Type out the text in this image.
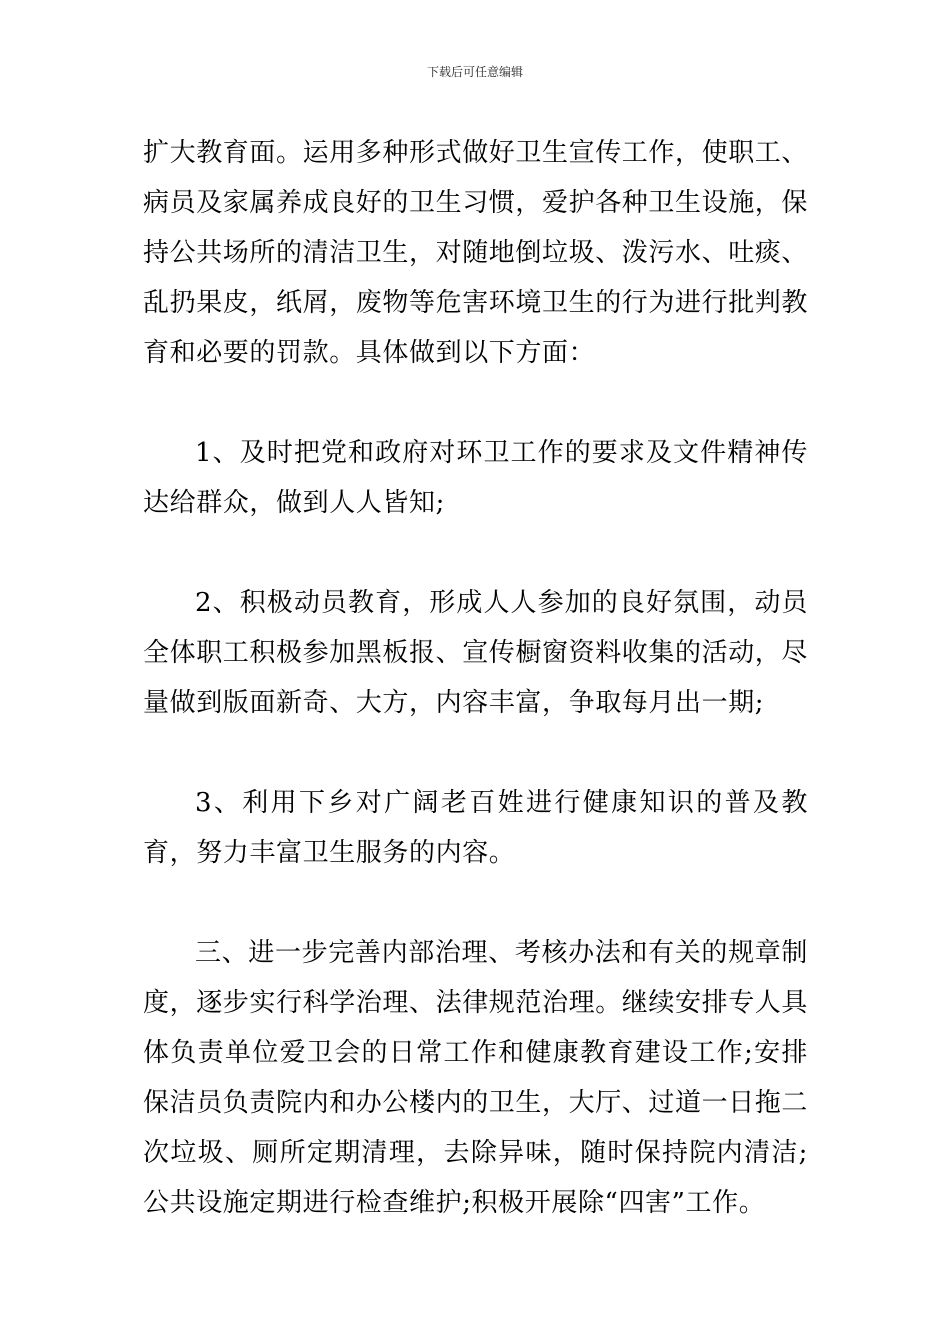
下载后可任意编辑

扩大教育面。运用多种形式做好卫生宣传工作，使职工、病员及家属养成良好的卫生习惯，爱护各种卫生设施，保持公共场所的清洁卫生，对随地倒垃圾、泼污水、吐痰、乱扔果皮，纸屑，废物等危害环境卫生的行为进行批判教育和必要的罚款。具体做到以下方面：

1、及时把党和政府对环卫工作的要求及文件精神传达给群众，做到人人皆知;

2、积极动员教育，形成人人参加的良好氛围，动员全体职工积极参加黑板报、宣传橱窗资料收集的活动，尽量做到版面新奇、大方，内容丰富，争取每月出一期;

3、利用下乡对广阔老百姓进行健康知识的普及教育，努力丰富卫生服务的内容。

三、进一步完善内部治理、考核办法和有关的规章制度，逐步实行科学治理、法律规范治理。继续安排专人具体负责单位爱卫会的日常工作和健康教育建设工作;安排保洁员负责院内和办公楼内的卫生，大厅、过道一日拖二次垃圾、厕所定期清理，去除异味，随时保持院内清洁;公共设施定期进行检查维护;积极开展除“四害”工作。
